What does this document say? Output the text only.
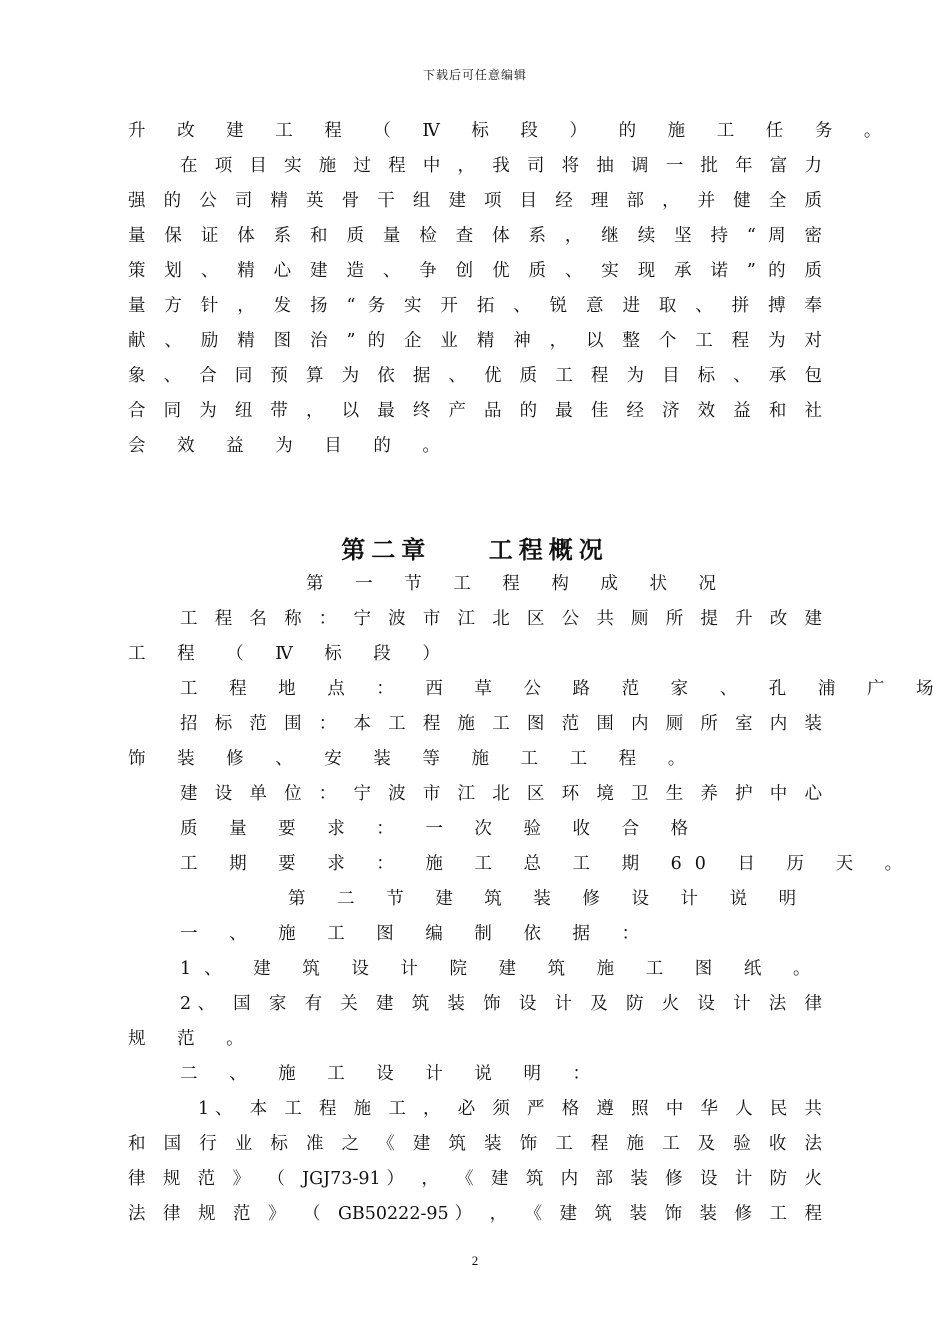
下载后可任意编辑
升 改 建 工 程 （ Ⅳ 标 段 ） 的 施 工 任 务 。
在 项 目 实 施 过 程 中 ， 我 司 将 抽 调 一 批 年 富 力
强 的 公 司 精 英 骨 干 组 建 项 目 经 理 部 ， 并 健 全 质
量 保 证 体 系 和 质 量 检 查 体 系 ， 继 续 坚 持 “ 周 密
策 划 、 精 心 建 造 、 争 创 优 质 、 实 现 承 诺 ” 的 质
量 方 针 ， 发 扬 “ 务 实 开 拓 、 锐 意 进 取 、 拼 搏 奉
献 、 励 精 图 治 ” 的 企 业 精 神 ， 以 整 个 工 程 为 对
象 、 合 同 预 算 为 依 据 、 优 质 工 程 为 目 标 、 承 包
合 同 为 纽 带 ， 以 最 终 产 品 的 最 佳 经 济 效 益 和 社
会 效 益 为 目 的 。
第二章    工程概况
第 一 节 工 程 构 成 状 况
工 程 名 称 ： 宁 波 市 江 北 区 公 共 厕 所 提 升 改 建
工 程 （ Ⅳ 标 段 ）
工 程 地 点 ： 西 草 公 路 范 家 、 孔 浦 广 场
招 标 范 围 ： 本 工 程 施 工 图 范 围 内 厕 所 室 内 装
饰 装 修 、 安 装 等 施 工 工 程 。
建 设 单 位 ： 宁 波 市 江 北 区 环 境 卫 生 养 护 中 心
质 量 要 求 ： 一 次 验 收 合 格
工 期 要 求 ： 施 工 总 工 期 60 日 历 天 。
第 二 节 建 筑 装 修 设 计 说 明
一 、 施 工 图 编 制 依 据 ：
1、 建 筑 设 计 院 建 筑 施 工 图 纸 。
2、 国 家 有 关 建 筑 装 饰 设 计 及 防 火 设 计 法 律
规 范 。
二 、 施 工 设 计 说 明 ：
1、 本 工 程 施 工 ， 必 须 严 格 遵 照 中 华 人 民 共
和 国 行 业 标 准 之 《 建 筑 装 饰 工 程 施 工 及 验 收 法
律 规 范 》 （ JGJ73-91） ， 《 建 筑 内 部 装 修 设 计 防 火
法 律 规 范 》 （ GB50222-95） ， 《 建 筑 装 饰 装 修 工 程
2
